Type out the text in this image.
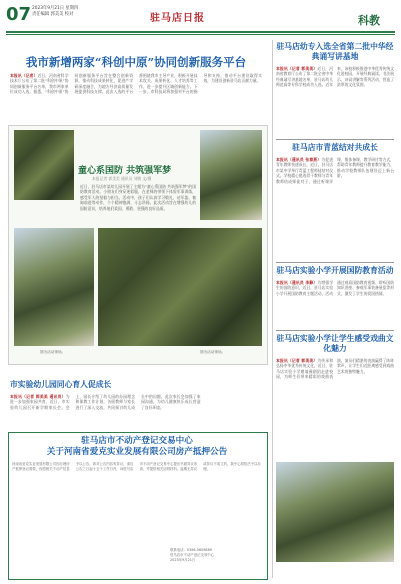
07 2023年9月21日 星期四
责任编辑 郭美美 校对	驻马店日报	科教
我市新增两家“科创中原”协同创新服务平台
本报讯（记者）近日，河南省科学技术厅公布了第二批“科创中原”协同创新服务平台名单，我市两家单位成功入选。据悉，“科创中原”协同创新服务平台旨在整合创新资源，推动科技成果转化，促进产学研深度融合，为地方经济高质量发展提供科技支撑。此次入选的平台将围绕我市主导产业，积极开展技术攻关、成果转化、人才培养等工作，进一步提升区域创新能力。下一步，市科技局将加强对平台的指导和支持，推动平台建设取得实效，为建设创新驻马店贡献力量。
童心系国防 共筑强军梦
本报记者 郭美美 通讯员 刘敏 文/摄
近日，驻马店市某幼儿园开展了主题为“童心系国防 共筑强军梦”的国防教育活动。小朋友们身穿迷彩服，在老师的带领下体验军事训练，感受军人的坚毅与担当。活动中，孩子们认真学习敬礼、站军姿、匍匐前进等动作，个个精神饱满、斗志昂扬。此次活动旨在增强幼儿的国防意识，培养他们爱国、勇敢、坚强的良好品质。
图为活动现场。	图为活动现场。
市实验幼儿园同心育人促成长
本报讯（记者 郭美美 通讯员）为进一步加强家园共育，近日，市实验幼儿园召开新学期家长会。会上，园长介绍了幼儿园的办园理念和保教工作计划，各班教师与家长进行了深入交流，共同探讨幼儿成长中的问题。此次家长会加强了家园沟通，为幼儿健康快乐成长营造了良好环境。
驻马店市不动产登记交易中心
关于河南省爱克实业发展有限公司房产抵押公告
河南省爱克实业发展有限公司因办理房产抵押登记需要，现将相关不动产信息予以公告。如对公告内容有异议，请自公告之日起十五个工作日内，向驻马店市不动产登记交易中心提出书面异议申请，并提供相关证明材料。逾期无异议或异议不成立的，我中心将依法予以办理。
联系电话：0396-5659889
驻马店市不动产登记交易中心
2023年9月21日
驻马店幼专入选全省第二批中华经典诵写讲基地
本报讯（记者 郭美美）近日，河南省教育厅公布了第二批全省中华经典诵写讲基地名单，驻马店幼儿师范高等专科学校成功入选。近年来，该校积极推进中华优秀传统文化进校园，开展经典诵读、书法展示、诗词讲解等系列活动，营造了浓厚的文化氛围。
驻马店市青蓝结对共成长
本报讯（通讯员 张春燕）为促进青年教师快速成长，近日，驻马店市某中学举行青蓝工程师徒结对仪式。学校精心挑选骨干教师与青年教师结成师徒对子，通过听课评课、集体备课、教学研讨等方式，帮助青年教师提升教育教学能力，推动学校教师队伍建设迈上新台阶。
驻马店实验小学开展国防教育活动
本报讯（通讯员 李静）为增强学生的国防意识，近日，驻马店实验小学开展国防教育主题活动。活动通过观看国防教育视频、聆听国防知识讲座、参观军事装备展览等形式，激发了学生的爱国热情。
驻马店实验小学让学生感受戏曲文化魅力
本报讯（记者 郭美美）为传承和弘扬中华优秀传统文化，近日，驻马店实验小学邀请豫剧团走进校园，为师生们带来精彩的戏曲表演。演员们精湛的表演赢得了阵阵掌声，让学生们近距离感受到戏曲艺术的独特魅力。
